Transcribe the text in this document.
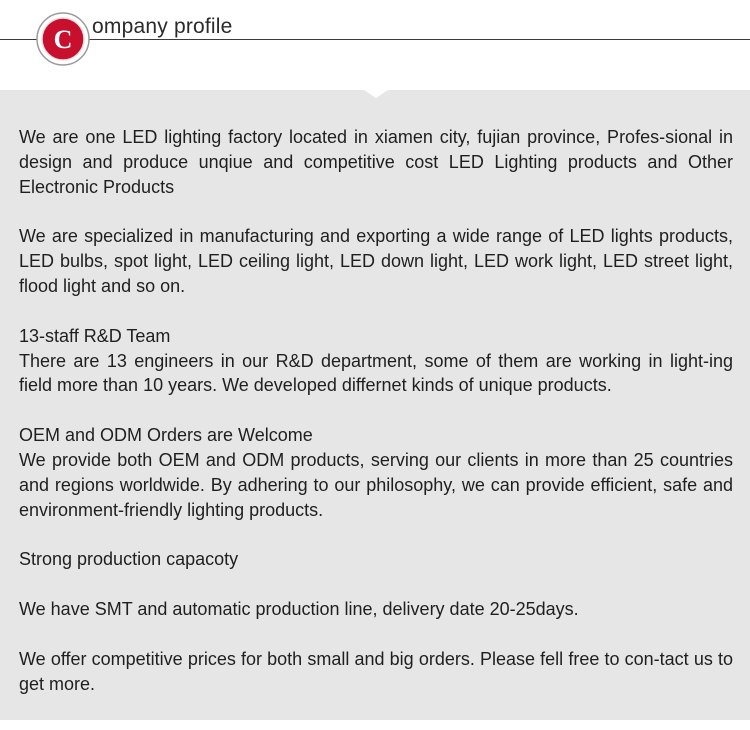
C ompany profile

We are one LED lighting factory located in xiamen city, fujian province, Profes-sional in design and produce unqiue and competitive cost LED Lighting products and Other Electronic Products

We are specialized in manufacturing and exporting a wide range of LED lights products, LED bulbs, spot light, LED ceiling light, LED down light, LED work light, LED street light, flood light and so on.

13-staff R&D Team
There are 13 engineers in our R&D department, some of them are working in light-ing field more than 10 years. We developed differnet kinds of unique products.

OEM and ODM Orders are Welcome
We provide both OEM and ODM products, serving our clients in more than 25 countries and regions worldwide. By adhering to our philosophy, we can provide efficient, safe and environment-friendly lighting products.

Strong production capacoty

We have SMT and automatic production line, delivery date 20-25days.

We offer competitive prices for both small and big orders. Please fell free to con-tact us to get more.
